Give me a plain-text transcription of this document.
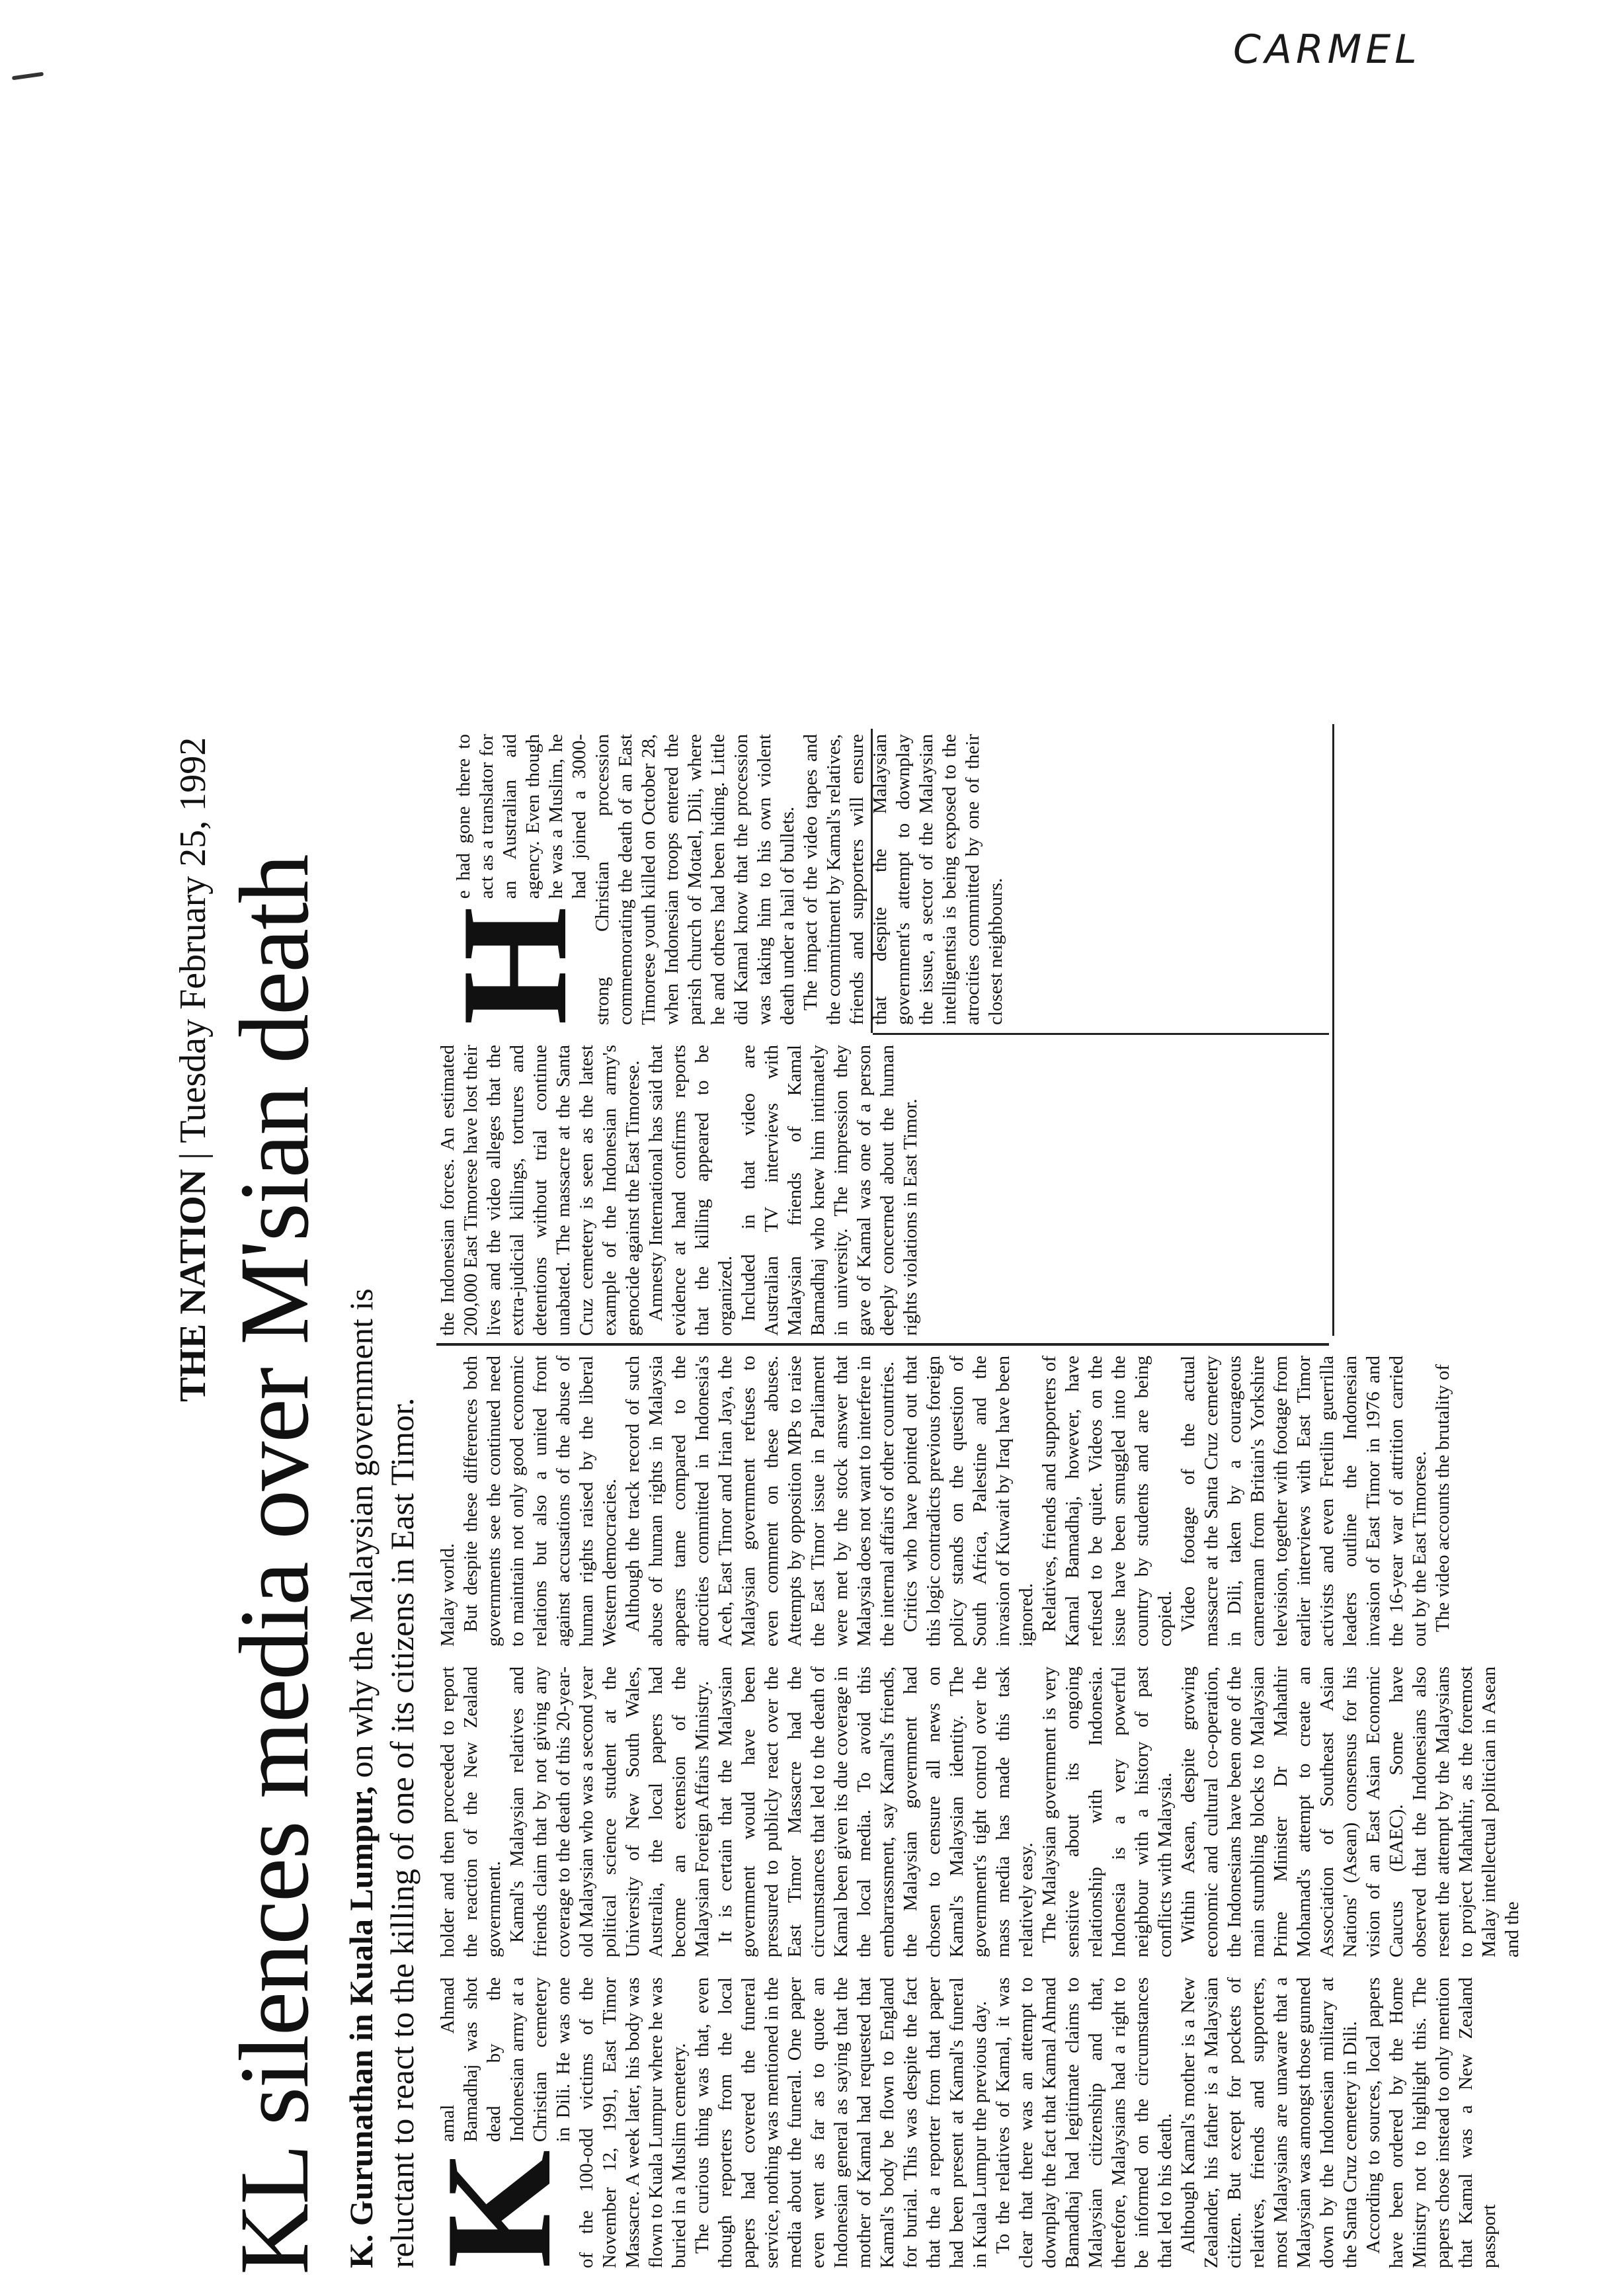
CARMEL
THE NATION|Tuesday February 25, 1992 KL silences media over M'sian death K. Gurunathan in Kuala Lumpur, on why the Malaysian government is reluctant to react to the killing of one of its citizens in East Timor.
K

amal Ahmad Bamadhaj was shot dead by the Indonesian army at a Christian cemetery in Dili. He was one of the 100-odd victims of the November 12, 1991, East Timor Massacre. A week later, his body was flown to Kuala Lumpur where he was buried in a Muslim cemetery. The curious thing was that, even though reporters from the local papers had covered the funeral service, nothing was mentioned in the media about the funeral. One paper even went as far as to quote an Indonesian general as saying that the mother of Kamal had requested that Kamal's body be flown to England for burial. This was despite the fact that the a reporter from that paper had been present at Kamal's funeral in Kuala Lumpur the previous day. To the relatives of Kamal, it was clear that there was an attempt to downplay the fact that Kamal Ahmad Bamadhaj had legitimate claims to Malaysian citizenship and that, therefore, Malaysians had a right to be informed on the circumstances that led to his death. Although Kamal's mother is a New Zealander, his father is a Malaysian citizen. But except for pockets of relatives, friends and supporters, most Malaysians are unaware that a Malaysian was amongst those gunned down by the Indonesian military at the Santa Cruz cemetery in Dili. According to sources, local papers have been ordered by the Home Ministry not to highlight this. The papers chose instead to only mention that Kamal was a New Zealand passport

holder and then proceeded to report the reaction of the New Zealand government. Kamal's Malaysian relatives and friends claim that by not giving any coverage to the death of this 20-year-old Malaysian who was a second year political science student at the University of New South Wales, Australia, the local papers had become an extension of the Malaysian Foreign Affairs Ministry. It is certain that the Malaysian government would have been pressured to publicly react over the East Timor Massacre had the circumstances that led to the death of Kamal been given its due coverage in the local media. To avoid this embarrassment, say Kamal's friends, the Malaysian government had chosen to censure all news on Kamal's Malaysian identity. The government's tight control over the mass media has made this task relatively easy. The Malaysian government is very sensitive about its ongoing relationship with Indonesia. Indonesia is a very powerful neighbour with a history of past conflicts with Malaysia. Within Asean, despite growing economic and cultural co-operation, the Indonesians have been one of the main stumbling blocks to Malaysian Prime Minister Dr Mahathir Mohamad's attempt to create an Association of Southeast Asian Nations' (Asean) consensus for his vision of an East Asian Economic Caucus (EAEC). Some have observed that the Indonesians also resent the attempt by the Malaysians to project Mahathir, as the foremost Malay intellectual politician in Asean and the

Malay world. But despite these differences both governments see the continued need to maintain not only good economic relations but also a united front against accusations of the abuse of human rights raised by the liberal Western democracies. Although the track record of such abuse of human rights in Malaysia appears tame compared to the atrocities committed in Indonesia's Aceh, East Timor and Irian Jaya, the Malaysian government refuses to even comment on these abuses. Attempts by opposition MPs to raise the East Timor issue in Parliament were met by the stock answer that Malaysia does not want to interfere in the internal affairs of other countries. Critics who have pointed out that this logic contradicts previous foreign policy stands on the question of South Africa, Palestine and the invasion of Kuwait by Iraq have been ignored. Relatives, friends and supporters of Kamal Bamadhaj, however, have refused to be quiet. Videos on the issue have been smuggled into the country by students and are being copied. Video footage of the actual massacre at the Santa Cruz cemetery in Dili, taken by a courageous cameraman from Britain's Yorkshire television, together with footage from earlier interviews with East Timor activists and even Fretilin guerrilla leaders outline the Indonesian invasion of East Timor in 1976 and the 16-year war of attrition carried out by the East Timorese. The video accounts the brutality of

the Indonesian forces. An estimated 200,000 East Timorese have lost their lives and the video alleges that the extra-judicial killings, tortures and detentions without trial continue unabated. The massacre at the Santa Cruz cemetery is seen as the latest example of the Indonesian army's genocide against the East Timorese. Amnesty International has said that evidence at hand confirms reports that the killing appeared to be organized. Included in that video are Australian TV interviews with Malaysian friends of Kamal Bamadhaj who knew him intimately in university. The impression they gave of Kamal was one of a person deeply concerned about the human rights violations in East Timor.

H

e had gone there to act as a translator for an Australian aid agency. Even though he was a Muslim, he had joined a 3000-strong Christian procession commemorating the death of an East Timorese youth killed on October 28, when Indonesian troops entered the parish church of Motael, Dili, where he and others had been hiding. Little did Kamal know that the procession was taking him to his own violent death under a hail of bullets. The impact of the video tapes and the commitment by Kamal's relatives, friends and supporters will ensure that despite the Malaysian government's attempt to downplay the issue, a sector of the Malaysian intelligentsia is being exposed to the atrocities committed by one of their closest neighbours.
